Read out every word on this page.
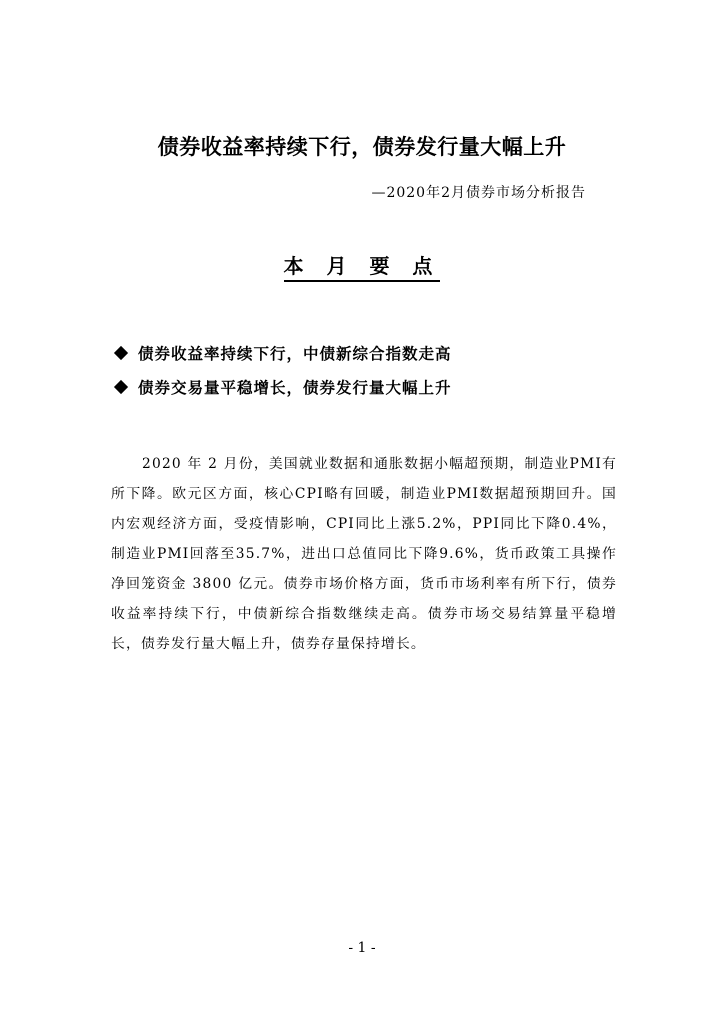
债券收益率持续下行，债券发行量大幅上升
—2020年2月债券市场分析报告
本 月 要 点
债券收益率持续下行，中债新综合指数走高
债券交易量平稳增长，债券发行量大幅上升

2020 年 2 月份，美国就业数据和通胀数据小幅超预期，制造业PMI有所下降。欧元区方面，核心CPI略有回暖，制造业PMI数据超预期回升。国内宏观经济方面，受疫情影响，CPI同比上涨5.2%，PPI同比下降0.4%，制造业PMI回落至35.7%，进出口总值同比下降9.6%，货币政策工具操作净回笼资金 3800 亿元。债券市场价格方面，货币市场利率有所下行，债券收益率持续下行，中债新综合指数继续走高。债券市场交易结算量平稳增长，债券发行量大幅上升，债券存量保持增长。

- 1 -
